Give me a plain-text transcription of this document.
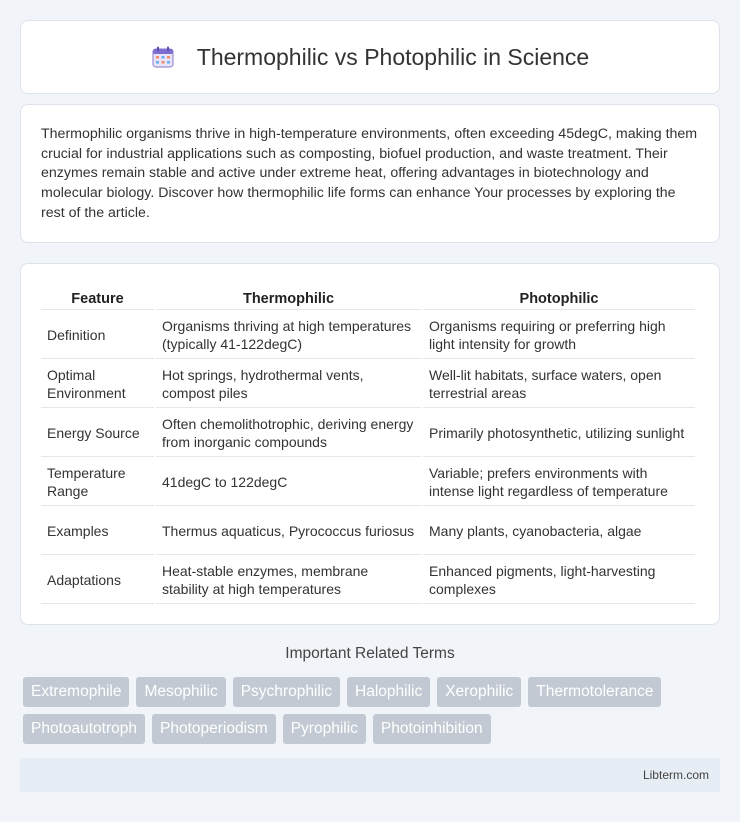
Thermophilic vs Photophilic in Science

Thermophilic organisms thrive in high-temperature environments, often exceeding 45degC, making them crucial for industrial applications such as composting, biofuel production, and waste treatment. Their enzymes remain stable and active under extreme heat, offering advantages in biotechnology and molecular biology. Discover how thermophilic life forms can enhance Your processes by exploring the rest of the article.

Feature	Thermophilic	Photophilic
Definition	Organisms thriving at high temperatures (typically 41-122degC)	Organisms requiring or preferring high light intensity for growth
Optimal Environment	Hot springs, hydrothermal vents, compost piles	Well-lit habitats, surface waters, open terrestrial areas
Energy Source	Often chemolithotrophic, deriving energy from inorganic compounds	Primarily photosynthetic, utilizing sunlight
Temperature Range	41degC to 122degC	Variable; prefers environments with intense light regardless of temperature
Examples	Thermus aquaticus, Pyrococcus furiosus	Many plants, cyanobacteria, algae
Adaptations	Heat-stable enzymes, membrane stability at high temperatures	Enhanced pigments, light-harvesting complexes
Important Related Terms
Extremophile	Mesophilic	Psychrophilic	Halophilic	Xerophilic	Thermotolerance
Photoautotroph	Photoperiodism	Pyrophilic	Photoinhibition
Libterm.com
